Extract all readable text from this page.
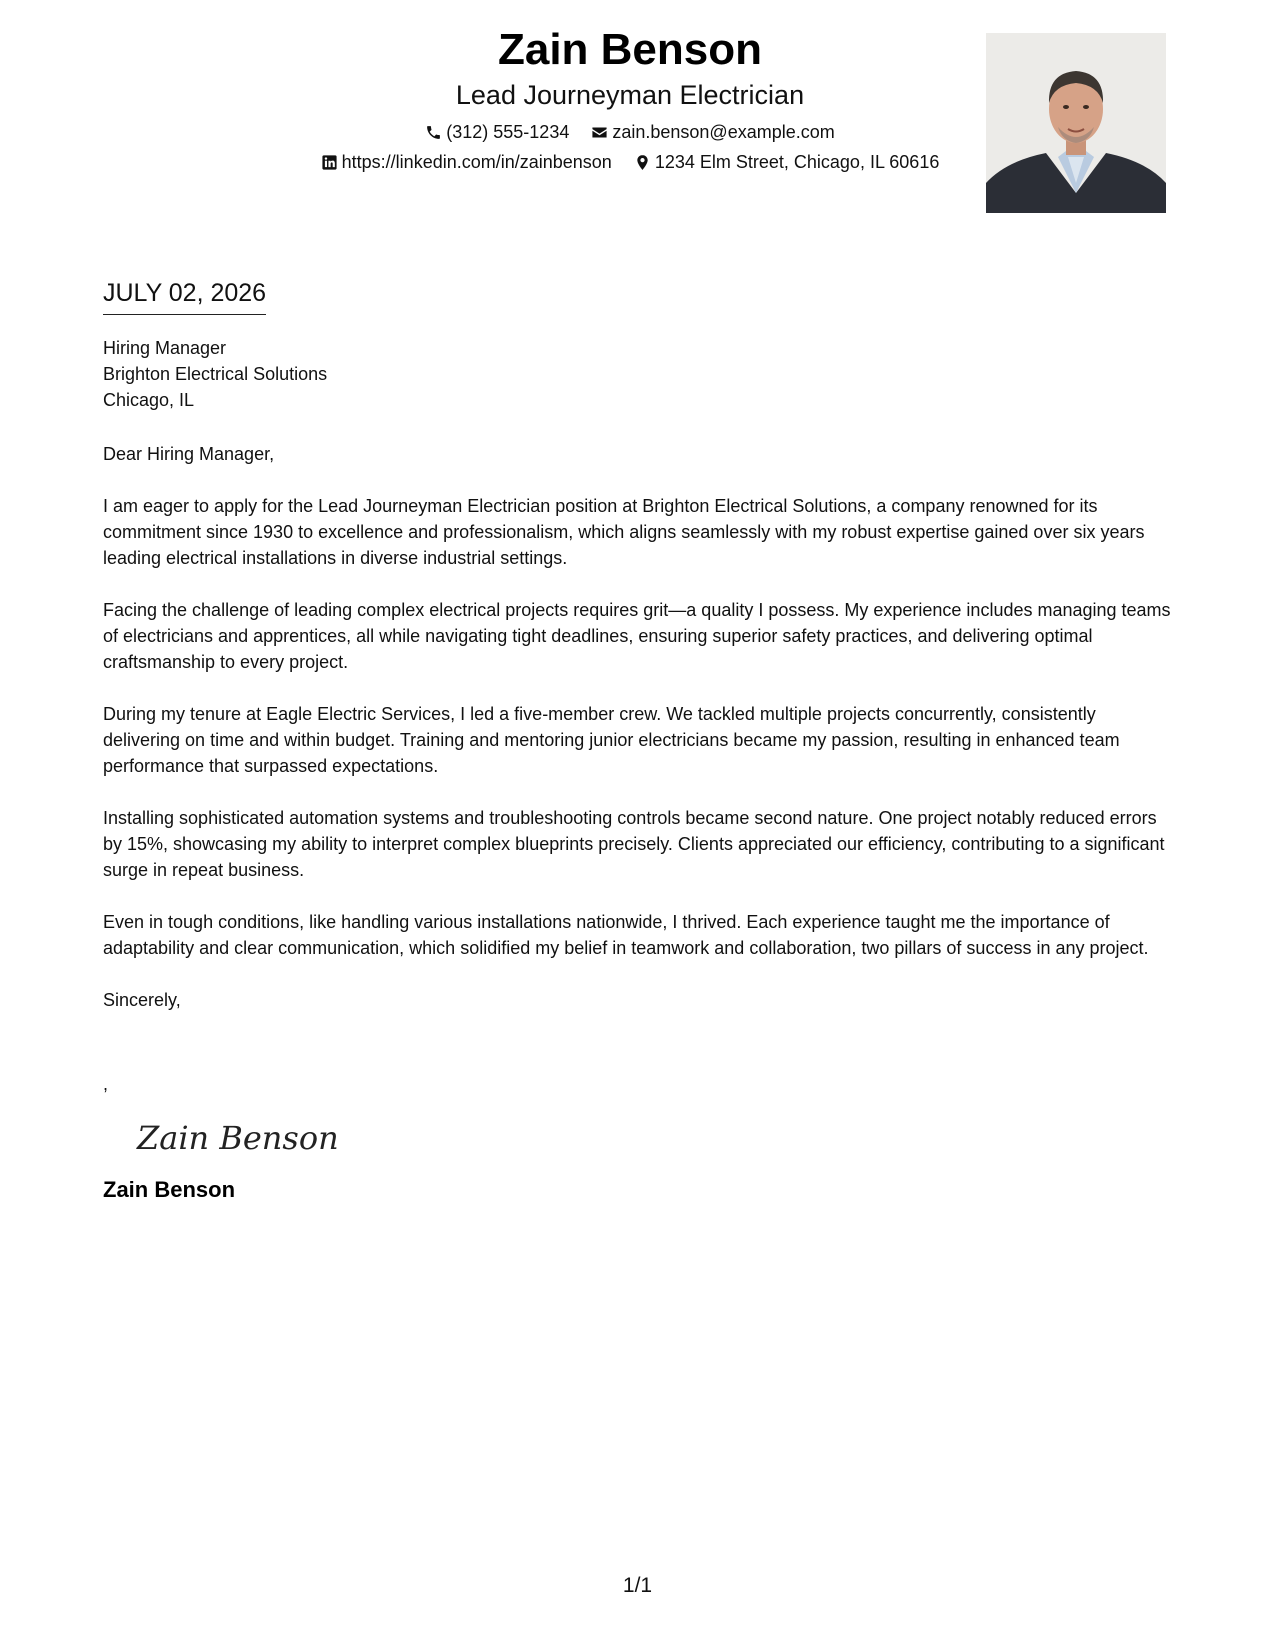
Zain Benson
Lead Journeyman Electrician
(312) 555-1234 zain.benson@example.com
https://linkedin.com/in/zainbenson 1234 Elm Street, Chicago, IL 60616
JULY 02, 2026
Hiring Manager
Brighton Electrical Solutions
Chicago, IL
Dear Hiring Manager,

I am eager to apply for the Lead Journeyman Electrician position at Brighton Electrical Solutions, a company renowned for its commitment since 1930 to excellence and professionalism, which aligns seamlessly with my robust expertise gained over six years leading electrical installations in diverse industrial settings.

Facing the challenge of leading complex electrical projects requires grit—a quality I possess. My experience includes managing teams of electricians and apprentices, all while navigating tight deadlines, ensuring superior safety practices, and delivering optimal craftsmanship to every project.

During my tenure at Eagle Electric Services, I led a five-member crew. We tackled multiple projects concurrently, consistently delivering on time and within budget. Training and mentoring junior electricians became my passion, resulting in enhanced team performance that surpassed expectations.

Installing sophisticated automation systems and troubleshooting controls became second nature. One project notably reduced errors by 15%, showcasing my ability to interpret complex blueprints precisely. Clients appreciated our efficiency, contributing to a significant surge in repeat business.

Even in tough conditions, like handling various installations nationwide, I thrived. Each experience taught me the importance of adaptability and clear communication, which solidified my belief in teamwork and collaboration, two pillars of success in any project.

Sincerely,
,
Zain Benson
Zain Benson
1/1
